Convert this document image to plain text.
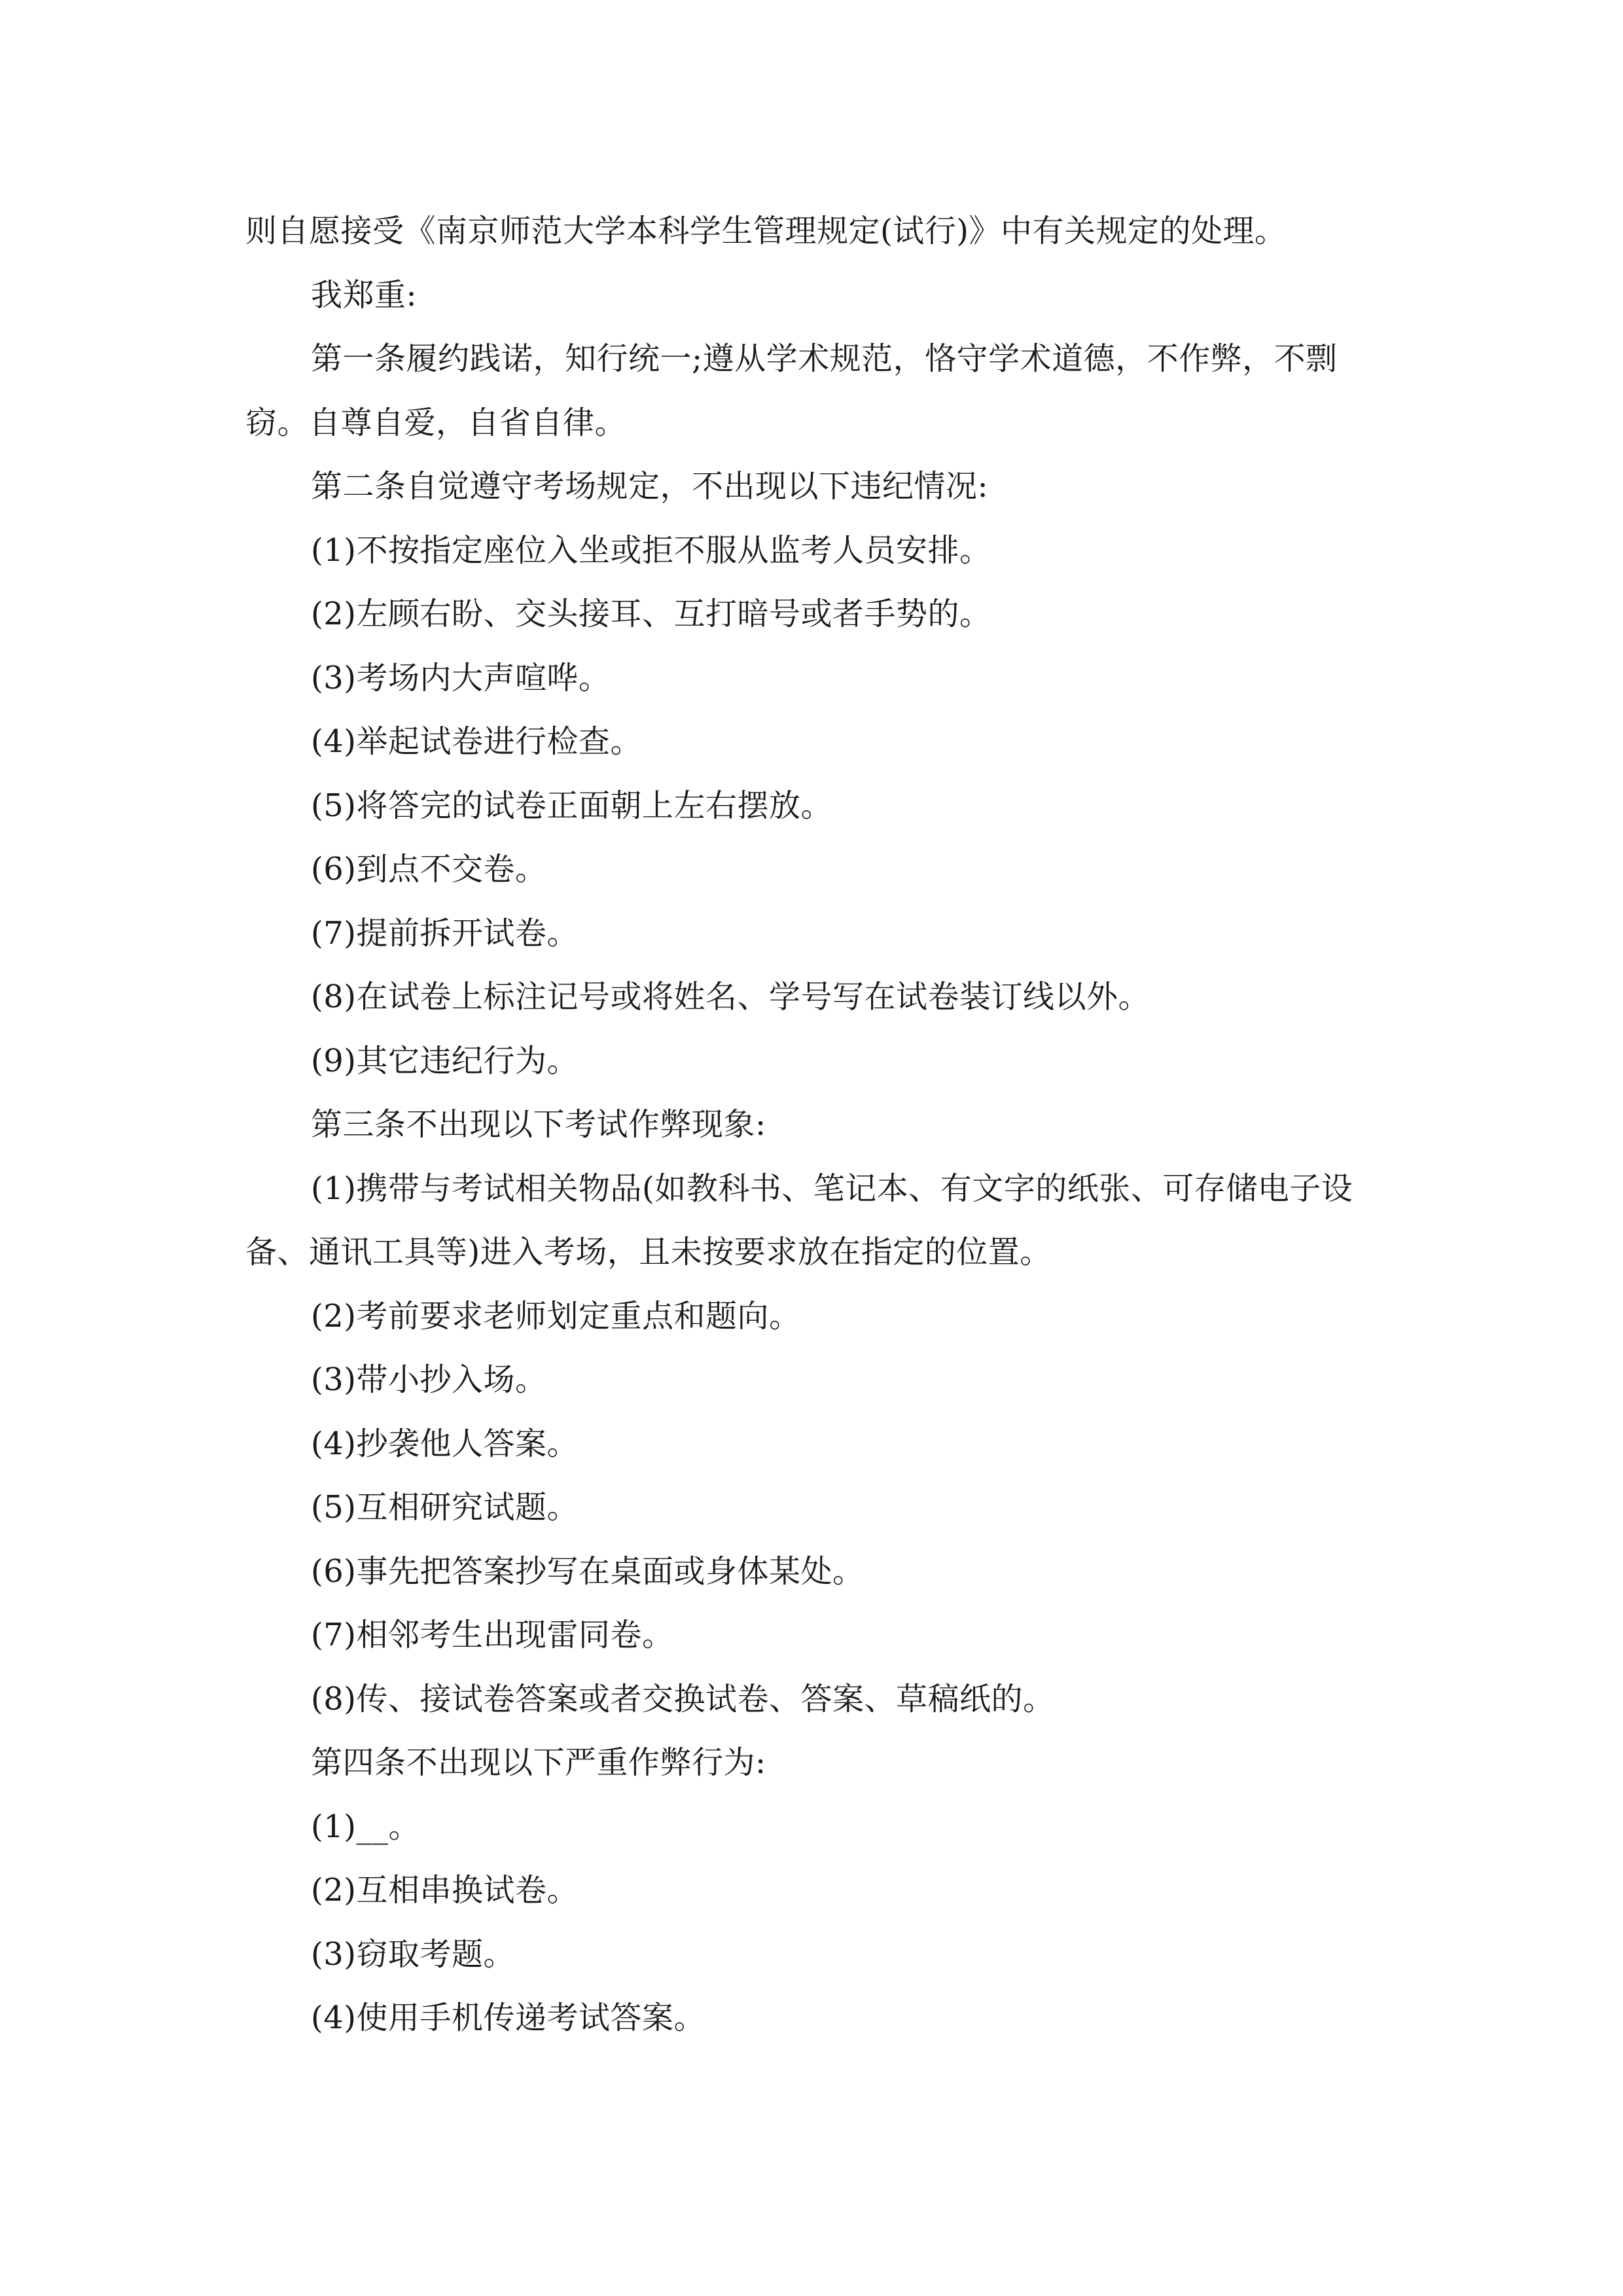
则自愿接受《南京师范大学本科学生管理规定(试行)》中有关规定的处理。

我郑重:

第一条履约践诺，知行统一;遵从学术规范，恪守学术道德，不作弊，不剽窃。自尊自爱，自省自律。

第二条自觉遵守考场规定，不出现以下违纪情况:

(1)不按指定座位入坐或拒不服从监考人员安排。

(2)左顾右盼、交头接耳、互打暗号或者手势的。

(3)考场内大声喧哗。

(4)举起试卷进行检查。

(5)将答完的试卷正面朝上左右摆放。

(6)到点不交卷。

(7)提前拆开试卷。

(8)在试卷上标注记号或将姓名、学号写在试卷装订线以外。

(9)其它违纪行为。

第三条不出现以下考试作弊现象:

(1)携带与考试相关物品(如教科书、笔记本、有文字的纸张、可存储电子设备、通讯工具等)进入考场，且未按要求放在指定的位置。

(2)考前要求老师划定重点和题向。

(3)带小抄入场。

(4)抄袭他人答案。

(5)互相研究试题。

(6)事先把答案抄写在桌面或身体某处。

(7)相邻考生出现雷同卷。

(8)传、接试卷答案或者交换试卷、答案、草稿纸的。

第四条不出现以下严重作弊行为:

(1)__。

(2)互相串换试卷。

(3)窃取考题。

(4)使用手机传递考试答案。
